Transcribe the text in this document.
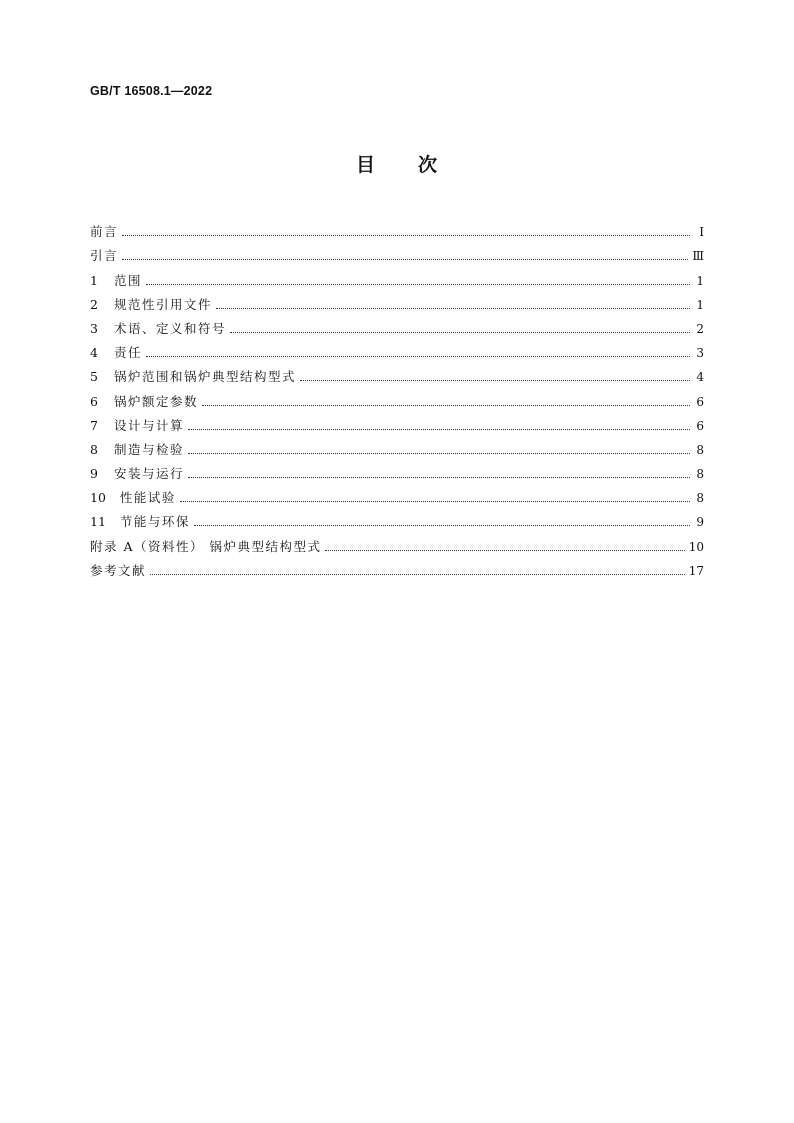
GB/T 16508.1—2022
目 次
前言	Ⅰ
引言	Ⅲ
1 范围	1
2 规范性引用文件	1
3 术语、定义和符号	2
4 责任	3
5 锅炉范围和锅炉典型结构型式	4
6 锅炉额定参数	6
7 设计与计算	6
8 制造与检验	8
9 安装与运行	8
10 性能试验	8
11 节能与环保	9
附录 A（资料性） 锅炉典型结构型式	10
参考文献	17
